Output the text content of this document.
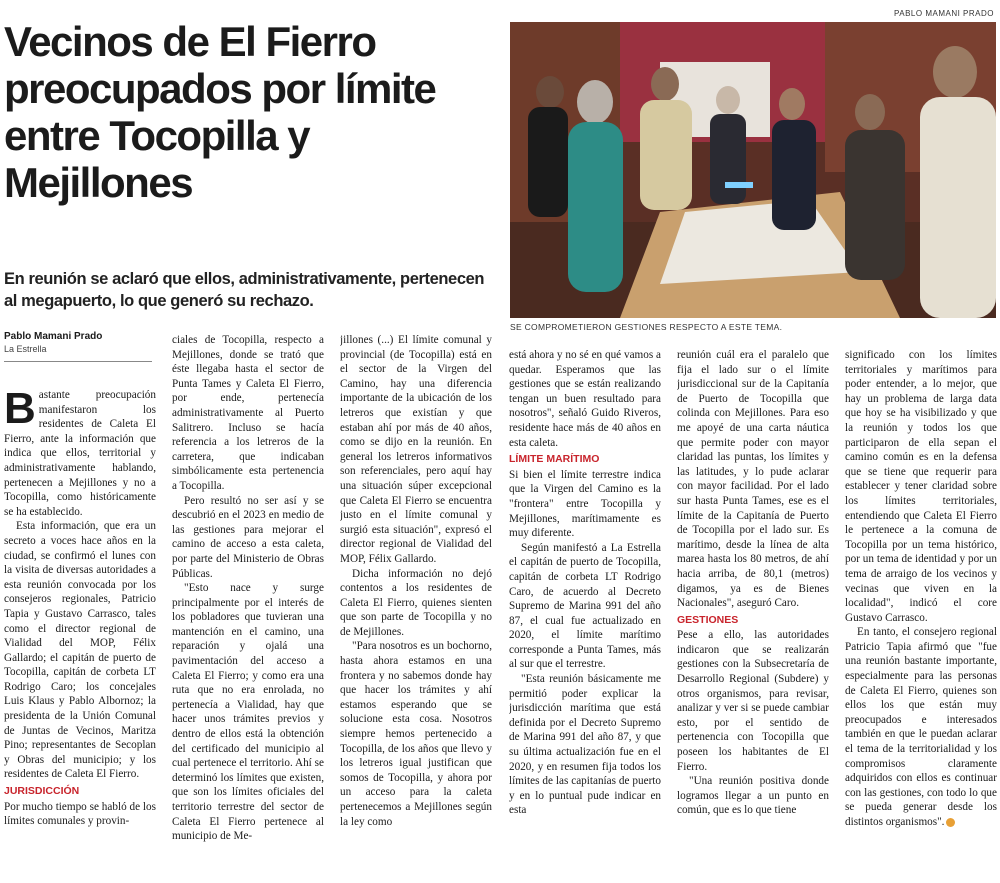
PABLO MAMANI PRADO
Vecinos de El Fierro preocupados por límite entre Tocopilla y Mejillones
En reunión se aclaró que ellos, administrativamente, pertenecen al megapuerto, lo que generó su rechazo.
SE COMPROMETIERON GESTIONES RESPECTO A ESTE TEMA.
Pablo Mamani Prado
La Estrella

Bastante preocupación manifestaron los residentes de Caleta El Fierro, ante la información que indica que ellos, territorial y administrativamente hablando, pertenecen a Mejillones y no a Tocopilla, como históricamente se ha establecido.

Esta información, que era un secreto a voces hace años en la ciudad, se confirmó el lunes con la visita de diversas autoridades a esta reunión convocada por los consejeros regionales, Patricio Tapia y Gustavo Carrasco, tales como el director regional de Vialidad del MOP, Félix Gallardo; el capitán de puerto de Tocopilla, capitán de corbeta LT Rodrigo Caro; los concejales Luis Klaus y Pablo Albornoz; la presidenta de la Unión Comunal de Juntas de Vecinos, Maritza Pino; representantes de Secoplan y Obras del municipio; y los residentes de Caleta El Fierro.

JURISDICCIÓN

Por mucho tiempo se habló de los límites comunales y provin-

ciales de Tocopilla, respecto a Mejillones, donde se trató que éste llegaba hasta el sector de Punta Tames y Caleta El Fierro, por ende, pertenecía administrativamente al Puerto Salitrero. Incluso se hacía referencia a los letreros de la carretera, que indicaban simbólicamente esta pertenencia a Tocopilla.

Pero resultó no ser así y se descubrió en el 2023 en medio de las gestiones para mejorar el camino de acceso a esta caleta, por parte del Ministerio de Obras Públicas.

"Esto nace y surge principalmente por el interés de los pobladores que tuvieran una mantención en el camino, una reparación y ojalá una pavimentación del acceso a Caleta El Fierro; y como era una ruta que no era enrolada, no pertenecía a Vialidad, hay que hacer unos trámites previos y dentro de ellos está la obtención del certificado del municipio al cual pertenece el territorio. Ahí se determinó los límites que existen, que son los límites oficiales del territorio terrestre del sector de Caleta El Fierro pertenece al municipio de Me-

jillones (...) El límite comunal y provincial (de Tocopilla) está en el sector de la Virgen del Camino, hay una diferencia importante de la ubicación de los letreros que existían y que estaban ahí por más de 40 años, como se dijo en la reunión. En general los letreros informativos son referenciales, pero aquí hay una situación súper excepcional que Caleta El Fierro se encuentra justo en el límite comunal y surgió esta situación", expresó el director regional de Vialidad del MOP, Félix Gallardo.

Dicha información no dejó contentos a los residentes de Caleta El Fierro, quienes sienten que son parte de Tocopilla y no de Mejillones.

"Para nosotros es un bochorno, hasta ahora estamos en una frontera y no sabemos donde hay que hacer los trámites y ahí estamos esperando que se solucione esta cosa. Nosotros siempre hemos pertenecido a Tocopilla, de los años que llevo y los letreros igual justifican que somos de Tocopilla, y ahora por un acceso para la caleta pertenecemos a Mejillones según la ley como

está ahora y no sé en qué vamos a quedar. Esperamos que las gestiones que se están realizando tengan un buen resultado para nosotros", señaló Guido Riveros, residente hace más de 40 años en esta caleta.

LÍMITE MARÍTIMO

Si bien el límite terrestre indica que la Virgen del Camino es la "frontera" entre Tocopilla y Mejillones, marítimamente es muy diferente.

Según manifestó a La Estrella el capitán de puerto de Tocopilla, capitán de corbeta LT Rodrigo Caro, de acuerdo al Decreto Supremo de Marina 991 del año 87, el cual fue actualizado en 2020, el límite marítimo corresponde a Punta Tames, más al sur que el terrestre.

"Esta reunión básicamente me permitió poder explicar la jurisdicción marítima que está definida por el Decreto Supremo de Marina 991 del año 87, y que su última actualización fue en el 2020, y en resumen fija todos los límites de las capitanías de puerto y en lo puntual pude indicar en esta

reunión cuál era el paralelo que fija el lado sur o el límite jurisdiccional sur de la Capitanía de Puerto de Tocopilla que colinda con Mejillones. Para eso me apoyé de una carta náutica que permite poder con mayor claridad las puntas, los límites y las latitudes, y lo pude aclarar con mayor facilidad. Por el lado sur hasta Punta Tames, ese es el límite de la Capitanía de Puerto de Tocopilla por el lado sur. Es marítimo, desde la línea de alta marea hasta los 80 metros, de ahí hacia arriba, de 80,1 (metros) digamos, ya es de Bienes Nacionales", aseguró Caro.

GESTIONES

Pese a ello, las autoridades indicaron que se realizarán gestiones con la Subsecretaría de Desarrollo Regional (Subdere) y otros organismos, para revisar, analizar y ver si se puede cambiar esto, por el sentido de pertenencia con Tocopilla que poseen los habitantes de El Fierro.

"Una reunión positiva donde logramos llegar a un punto en común, que es lo que tiene

significado con los límites territoriales y marítimos para poder entender, a lo mejor, que hay un problema de larga data que hoy se ha visibilizado y que la reunión y todos los que participaron de ella sepan el camino común es en la defensa que se tiene que requerir para establecer y tener claridad sobre los límites territoriales, entendiendo que Caleta El Fierro le pertenece a la comuna de Tocopilla por un tema histórico, por un tema de identidad y por un tema de arraigo de los vecinos y vecinas que viven en la localidad", indicó el core Gustavo Carrasco.

En tanto, el consejero regional Patricio Tapia afirmó que "fue una reunión bastante importante, especialmente para las personas de Caleta El Fierro, quienes son ellos los que están muy preocupados e interesados también en que le puedan aclarar el tema de la territorialidad y los compromisos claramente adquiridos con ellos es continuar con las gestiones, con todo lo que se pueda generar desde los distintos organismos".
